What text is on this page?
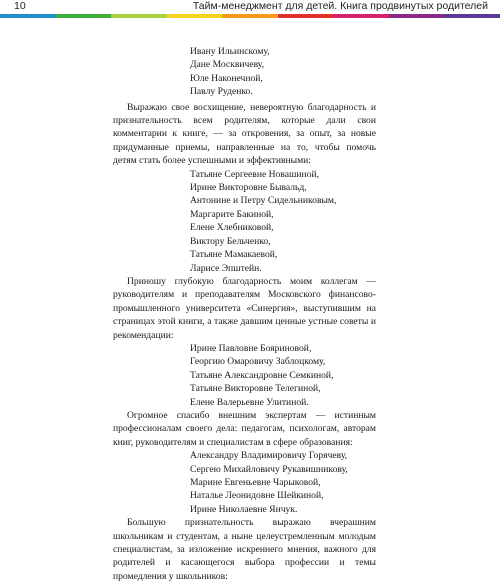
10	Тайм-менеджмент для детей. Книга продвинутых родителей
Ивану Ильинскому,
Дане Москвичеву,
Юле Наконечной,
Павлу Руденко.
Выражаю свое восхищение, невероятную благодарность и признательность всем родителям, которые дали свои комментарии к книге, — за откровения, за опыт, за новые придуманные приемы, направленные на то, чтобы помочь детям стать более успешными и эффективными:
Татьяне Сергеевне Новашиной,
Ирине Викторовне Бывальд,
Антонине и Петру Сидельниковым,
Маргарите Бакиной,
Елене Хлебниковой,
Виктору Бельченко,
Татьяне Мамакаевой,
Ларисе Эпштейн.
Приношу глубокую благодарность моим коллегам — руководителям и преподавателям Московского финансово-промышленного университета «Синергия», выступившим на страницах этой книги, а также давшим ценные устные советы и рекомендации:
Ирине Павловне Бояриновой,
Георгию Омаровичу Заблоцкому,
Татьяне Александровне Семкиной,
Татьяне Викторовне Телегиной,
Елене Валерьевне Улитиной.
Огромное спасибо внешним экспертам — истинным профессионалам своего дела: педагогам, психологам, авторам книг, руководителям и специалистам в сфере образования:
Александру Владимировичу Горячеву,
Сергею Михайловичу Рукавишникову,
Марине Евгеньевне Чарыковой,
Наталье Леонидовне Шейкиной,
Ирине Николаевне Янчук.
Большую признательность выражаю вчерашним школьникам и студентам, а ныне целеустремленным молодым специалистам, за изложение искреннего мнения, важного для родителей и касающегося выбора профессии и темы промедления у школьников:
